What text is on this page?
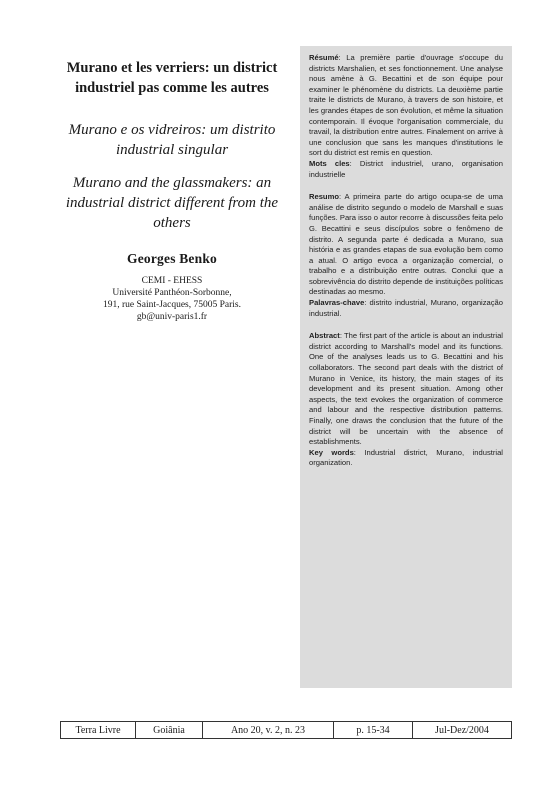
Murano et les verriers: un district industriel pas comme les autres
Murano e os vidreiros: um distrito industrial singular
Murano and the glassmakers: an industrial district different from the others
Georges Benko
CEMI - EHESS
Université Panthéon-Sorbonne,
191, rue Saint-Jacques, 75005 Paris.
gb@univ-paris1.fr

Résumé: La première partie d'ouvrage s'occupe du districts Marshalien, et ses fonctionnement. Une analyse nous amène à G. Becattini et de son équipe pour examiner le phénomène du districts. La deuxième partie traite le districts de Murano, à travers de son histoire, et les grandes étapes de son évolution, et même la situation contemporain. Il évoque l'organisation commerciale, du travail, la distribution entre autres. Finalement on arrive à une conclusion que sans les manques d'institutions le sort du district est remis en question.

Mots cles: District industriel, urano, organisation industrielle

Resumo: A primeira parte do artigo ocupa-se de uma análise de distrito segundo o modelo de Marshall e suas funções. Para isso o autor recorre à discussões feita pelo G. Becattini e seus discípulos sobre o fenômeno de distrito. A segunda parte é dedicada a Murano, sua história e as grandes etapas de sua evolução bem como a atual. O artigo evoca a organização comercial, o trabalho e a distribuição entre outras. Conclui que a sobrevivência do distrito depende de instituições políticas destinadas ao mesmo.

Palavras-chave: distrito industrial, Murano, organização industrial.

Abstract: The first part of the article is about an industrial district according to Marshall's model and its functions. One of the analyses leads us to G. Becattini and his collaborators. The second part deals with the district of Murano in Venice, its history, the main stages of its development and its present situation. Among other aspects, the text evokes the organization of commerce and labour and the respective distribution patterns. Finally, one draws the conclusion that the future of the district will be uncertain with the absence of establishments.

Key words: Industrial district, Murano, industrial organization.

Terra Livre	Goiânia	Ano 20, v. 2, n. 23	p. 15-34	Jul-Dez/2004
